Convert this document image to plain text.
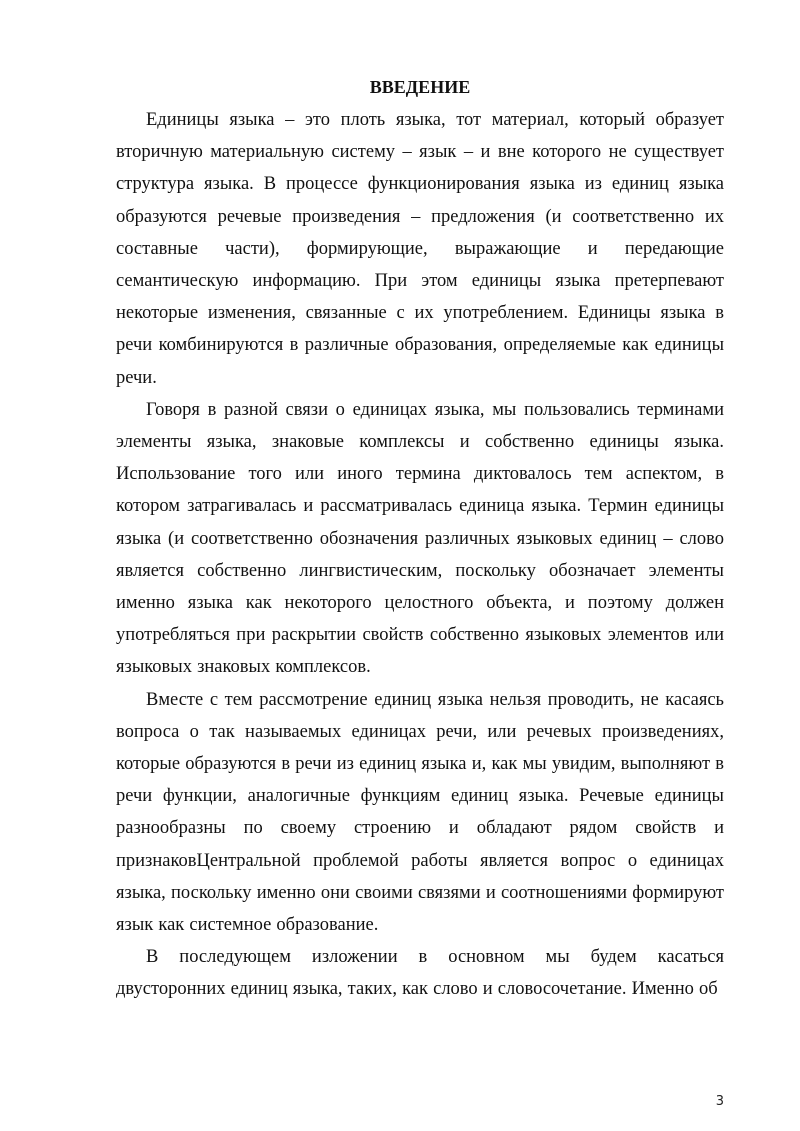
ВВЕДЕНИЕ

Единицы языка – это плоть языка, тот материал, который образует вторичную материальную систему – язык – и вне которого не существует структура языка. В процессе функционирования языка из единиц языка образуются речевые произведения – предложения (и соответственно их составные части), формирующие, выражающие и передающие семантическую информацию. При этом единицы языка претерпевают некоторые изменения, связанные с их употреблением. Единицы языка в речи комбинируются в различные образования, определяемые как единицы речи.

Говоря в разной связи о единицах языка, мы пользовались терминами элементы языка, знаковые комплексы и собственно единицы языка. Использование того или иного термина диктовалось тем аспектом, в котором затрагивалась и рассматривалась единица языка. Термин единицы языка (и соответственно обозначения различных языковых единиц – слово является собственно лингвистическим, поскольку обозначает элементы именно языка как некоторого целостного объекта, и поэтому должен употребляться при раскрытии свойств собственно языковых элементов или языковых знаковых комплексов.

Вместе с тем рассмотрение единиц языка нельзя проводить, не касаясь вопроса о так называемых единицах речи, или речевых произведениях, которые образуются в речи из единиц языка и, как мы увидим, выполняют в речи функции, аналогичные функциям единиц языка. Речевые единицы разнообразны по своему строению и обладают рядом свойств и признаковЦентральной проблемой работы является вопрос о единицах языка, поскольку именно они своими связями и соотношениями формируют язык как системное образование.

В последующем изложении в основном мы будем касаться двусторонних единиц языка, таких, как слово и словосочетание. Именно об

3
